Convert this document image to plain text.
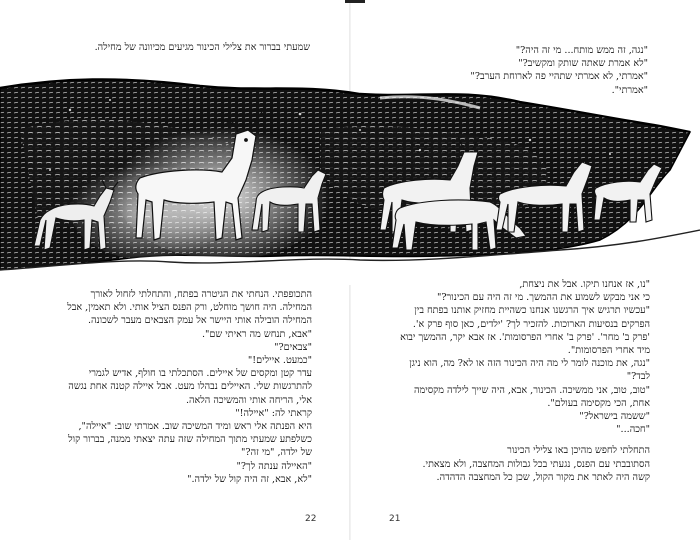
שמעתי בברור את צלילי הכינור מגיעים מכיוונה של מחילה.	"נגה, זה ממש מותח... מי זה היה?"
"לא אמרת שאתה שותק ומקשיב?"
"אמרתי, לא אמרתי שתהיי פה לארוחת הערב?"
"אמרתי".
התכופפתי. הנחתי את הגיטרה בפתח, והתחלתי לזחול לאורך
המחילה. היה חושך מוחלט, ורק הפנס הציל אותי. ולא תאמין, אבל
המחילה הובילה אותי היישר אל עמק הצבאים מעבר לשכונה.
"אבא, תנחש מה ראיתי שם".
"צבאים?"
"כמעט. איילים!"
עדר קטן ומקסים של איילים. הסתכלתי בו חולף, אדיש לגמרי
להתרגשות שלי. האיילים נבהלו מעט. אבל איילה קטנה אחת נגשה
אלי, הריחה אותי והמשיכה הלאה.
קראתי לה: "איילה!"
היא הפנתה אלי ראש ומיד המשיכה שוב. אמרתי שוב: "איילה",
כשלפתע שמעתי מתוך המחילה שזה עתה יצאתי ממנה, בברור קול
של ילדה, "מי זה?"
"האיילה ענתה לך?"
"לא, אבא, זה היה קול של ילדה."
"נו, אז אנחנו תיקו. אבל את ניצחת,
כי אני מבקש לשמוע את ההמשך. מי זה היה עם הכינור?"
"עכשיו תרגיש איך הרגשנו אנחנו כשהיית מחזיק אותנו בפתח בין
הפרקים בנסיעות הארוכות. להזכיר לך? 'ילדים, כאן סוף פרק א'.
'פרק ב' מחר'. 'פרק ב' אחרי הפרסומות'. אז אבא יקר, ההמשך יבוא
מיד אחרי הפרסומות".
"נגה, את מוכנה לומר לי מה היה הכינור הזה או לא? מה, הוא ניגן
לבד?"
"טוב, טוב, אני ממשיכה. הכינור, אבא, היה שייך לילדה מקסימה
אחת, הכי מקסימה בעולם".
"ששמה בישראל?"
"חכה..."
התחלתי לחפש מהיכן באו צלילי הכינור
הסתובבתי עם הפנס, נגעתי בכל גבולות המחצבה, ולא מצאתי.
קשה היה לאתר את מקור הקול, שכן כל המחצבה הדהדה.
22	21
